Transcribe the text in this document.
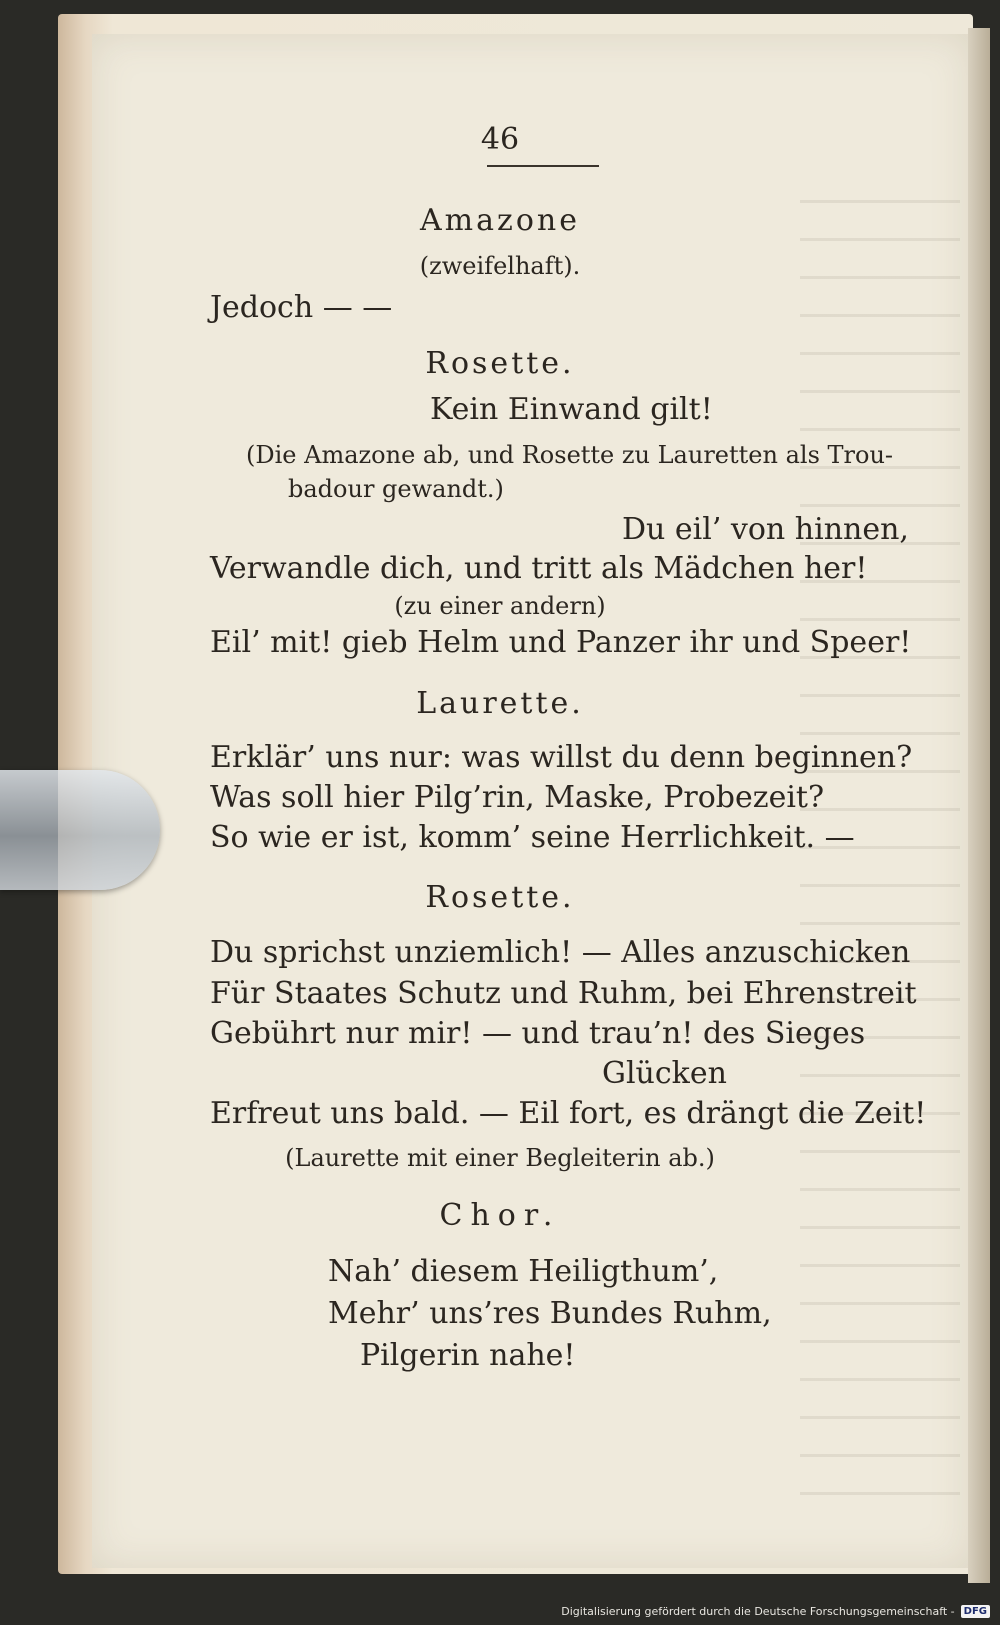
46
Amazone
(zweifelhaft).
Jedoch — —
Rosette.
Kein Einwand gilt!
(Die Amazone ab, und Rosette zu Lauretten als Trou-
badour gewandt.)
Du eil’ von hinnen,
Verwandle dich, und tritt als Mädchen her!
(zu einer andern)
Eil’ mit! gieb Helm und Panzer ihr und Speer!
Laurette.
Erklär’ uns nur: was willst du denn beginnen?
Was soll hier Pilg’rin, Maske, Probezeit?
So wie er ist, komm’ seine Herrlichkeit. —
Rosette.
Du sprichst unziemlich! — Alles anzuschicken
Für Staates Schutz und Ruhm, bei Ehrenstreit
Gebührt nur mir! — und trau’n! des Sieges
Glücken
Erfreut uns bald. — Eil fort, es drängt die Zeit!
(Laurette mit einer Begleiterin ab.)
Chor.
Nah’ diesem Heiligthum’,
Mehr’ uns’res Bundes Ruhm,
Pilgerin nahe!
Digitalisierung gefördert durch die Deutsche Forschungsgemeinschaft - DFG
